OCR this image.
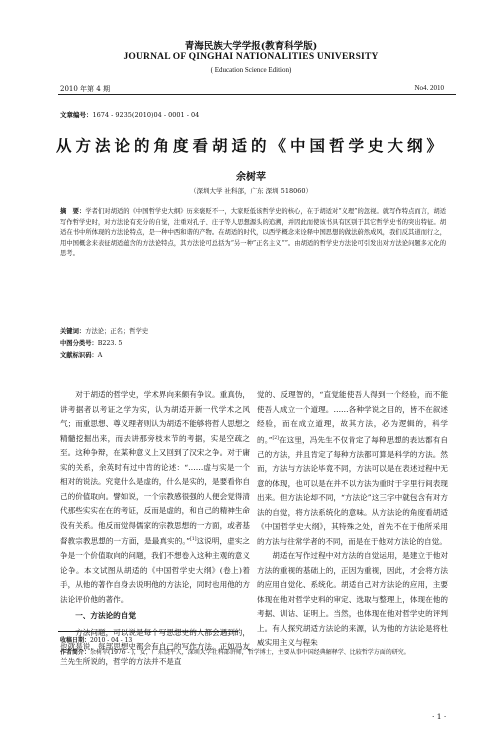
青海民族大学学报(教育科学版)
JOURNAL OF QINGHAI NATIONALITIES UNIVERSITY
( Education Science Edition)
2010 年第 4 期	No4. 2010
文章编号：1674 - 9235(2010)04 - 0001 - 04
从方法论的角度看胡适的《中国哲学史大纲》
余树苹
（深圳大学 社科部，广东 深圳 518060）
摘　要：学者们对胡适的《中国哲学史大纲》历来褒贬不一，大家贬低该哲学史的核心，在于胡适对“义理”的忽视。就写作特点而言，胡适写作哲学史时，对方法论有充分的自觉，注重对孔子、庄子等人思想源头的追溯，并因此而使该书具有区别于其它哲学史书的突出特征。胡适在书中所体现的方法论特点，是一种中西和谐的产物。在胡适的时代，以西学概念来诠释中国思想的做法蔚然成风，我们反其道而行之，用中国概念来表征胡适蕴含的方法论特点，其方法论可总括为“另一种”正名主义“”。由胡适的哲学史方法论可引发出对方法论问题多元化的思考。
关键词：方法论；正名；哲学史
中图分类号：B223. 5
文献标识码：A

对于胡适的哲学史，学术界向来颇有争议。重真伪，讲考据者以考证之学为实，认为胡适开新一代学术之风气；而重思想、尊义理者则认为胡适不能够将哲人思想之精髓挖掘出来，而去讲那旁枝末节的考据，实是空疏之至。这种争辩，在某种意义上又回到了汉宋之争。对于庸实的关系，余英时有过中肯的论述：“……虚与实是一个相对的说法。究竟什么是虚的，什么是实的，是要看你自己的价值取向。譬如说，一个宗教感很强的人便会觉得清代那些实实在在的考证，反而是虚的，和自己的精神生命没有关系。他反而觉得儒家的宗教思想的一方面，或者基督教宗教思想的一方面，是最真实的。”[1]这说明，虚实之争是一个价值取向的问题，我们不想卷入这种主观的意义论争。本文试图从胡适的《中国哲学史大纲》(卷上)着手，从他的著作自身去说明他的方法论，同时也用他的方法论评价他的著作。

一、方法论的自觉

方法问题，可以说是每个写思想史的人都会遇到的，也就是说，每部思想史都会有自己的写作方法。正如冯友兰先生所说的，哲学的方法并不是直

觉的、反理智的，“直觉能使吾人得到一个经验，而不能使吾人成立一个道理。……各种学说之目的，皆不在叙述经验，而在成立道理，故其方法，必为逻辑的，科学的。”[2]在这里，冯先生不仅肯定了每种思想的表达都有自己的方法，并且肯定了每种方法都可算是科学的方法。然而，方法与方法论毕竟不同，方法可以是在表述过程中无意的体现，也可以是在并不以方法为重时于字里行间表现出来。但方法论却不同，“方法论”这三字中就包含有对方法的自觉，将方法系统化的意味。从方法论的角度看胡适《中国哲学史大纲》，其特殊之处，首先不在于他所采用的方法与往常学者的不同，而是在于他对方法论的自觉。

胡适在写作过程中对方法的自觉运用，是建立于他对方法的重视的基础上的，正因为重视，因此，才会将方法的应用自觉化、系统化。胡适自己对方法论的应用，主要体现在他对哲学史料的审定、选取与整理上，体现在他的考据、训诂、证明上。当然，也体现在他对哲学史的评判上。有人探究胡适方法论的来源，认为他的方法论是将杜威实用主义与程朱

收稿日期：2010 - 04 - 13
作者简介：余树苹(1976 - )，女，广东饶平人，深圳大学社科部讲师，哲学博士，主要从事中国经典解释学、比较哲学方面的研究。
· 1 ·
